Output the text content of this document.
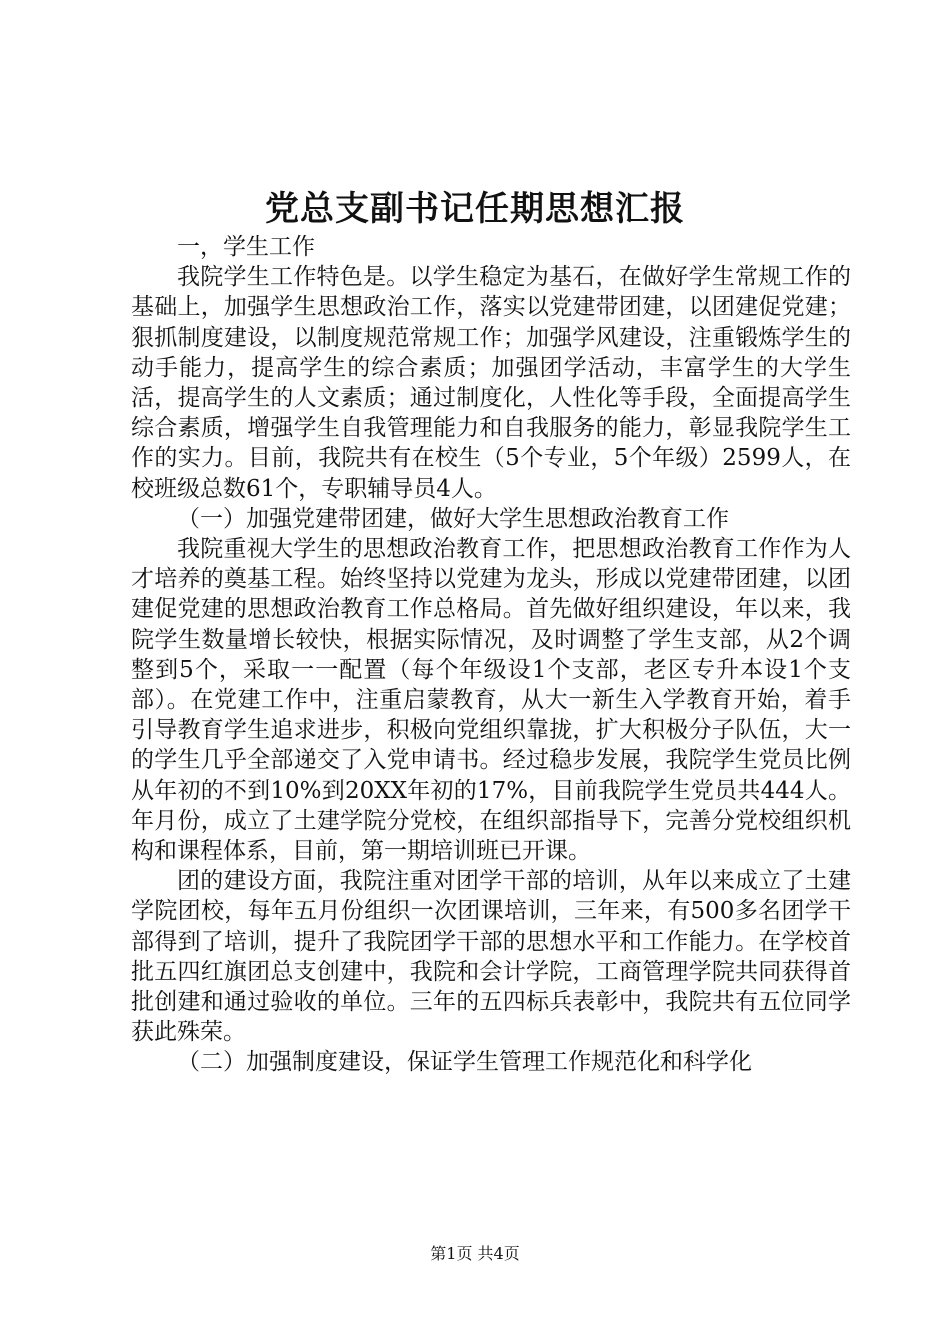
党总支副书记任期思想汇报

一，学生工作

我院学生工作特色是。以学生稳定为基石，在做好学生常规工作的基础上，加强学生思想政治工作，落实以党建带团建，以团建促党建；狠抓制度建设，以制度规范常规工作；加强学风建设，注重锻炼学生的动手能力，提高学生的综合素质；加强团学活动，丰富学生的大学生活，提高学生的人文素质；通过制度化，人性化等手段，全面提高学生综合素质，增强学生自我管理能力和自我服务的能力，彰显我院学生工作的实力。目前，我院共有在校生（5个专业，5个年级）2599人，在校班级总数61个，专职辅导员4人。

（一）加强党建带团建，做好大学生思想政治教育工作

我院重视大学生的思想政治教育工作，把思想政治教育工作作为人才培养的奠基工程。始终坚持以党建为龙头，形成以党建带团建，以团建促党建的思想政治教育工作总格局。首先做好组织建设，年以来，我院学生数量增长较快，根据实际情况，及时调整了学生支部，从2个调整到5个，采取一一配置（每个年级设1个支部，老区专升本设1个支部）。在党建工作中，注重启蒙教育，从大一新生入学教育开始，着手引导教育学生追求进步，积极向党组织靠拢，扩大积极分子队伍，大一的学生几乎全部递交了入党申请书。经过稳步发展，我院学生党员比例从年初的不到10%到20XX年初的17%，目前我院学生党员共444人。年月份，成立了土建学院分党校，在组织部指导下，完善分党校组织机构和课程体系，目前，第一期培训班已开课。

团的建设方面，我院注重对团学干部的培训，从年以来成立了土建学院团校，每年五月份组织一次团课培训，三年来，有500多名团学干部得到了培训，提升了我院团学干部的思想水平和工作能力。在学校首批五四红旗团总支创建中，我院和会计学院，工商管理学院共同获得首批创建和通过验收的单位。三年的五四标兵表彰中，我院共有五位同学获此殊荣。

（二）加强制度建设，保证学生管理工作规范化和科学化

第1页 共4页
